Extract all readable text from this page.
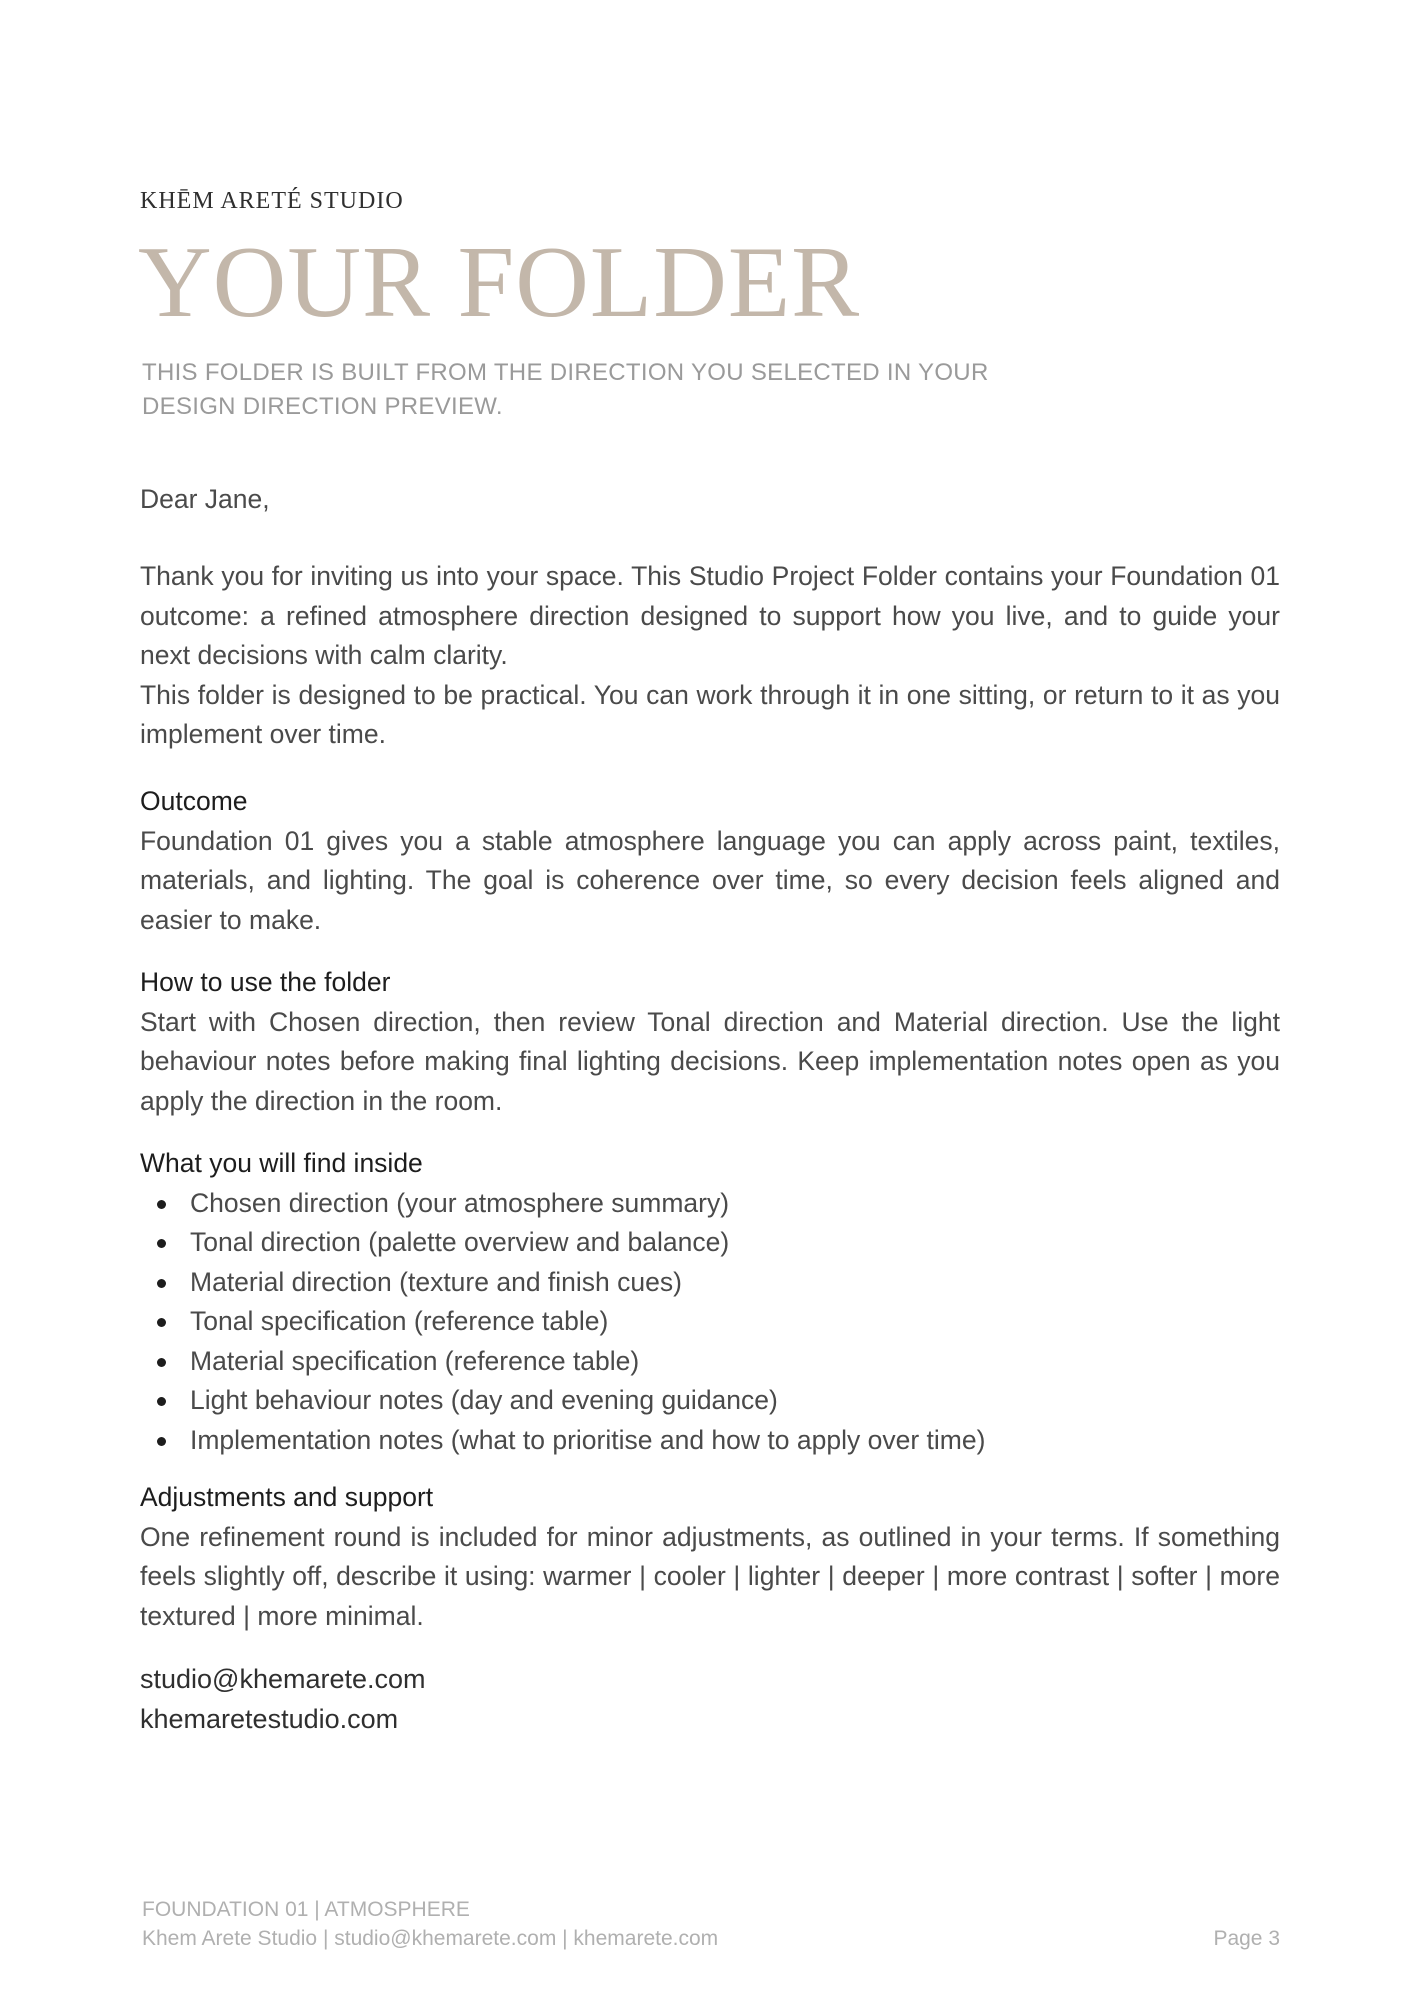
KHĒM ARETÉ STUDIO
YOUR FOLDER
THIS FOLDER IS BUILT FROM THE DIRECTION YOU SELECTED IN YOUR
DESIGN DIRECTION PREVIEW.
Dear Jane,

Thank you for inviting us into your space. This Studio Project Folder contains your Foundation 01 outcome: a refined atmosphere direction designed to support how you live, and to guide your next decisions with calm clarity.

This folder is designed to be practical. You can work through it in one sitting, or return to it as you implement over time.

Outcome

Foundation 01 gives you a stable atmosphere language you can apply across paint, textiles, materials, and lighting. The goal is coherence over time, so every decision feels aligned and easier to make.

How to use the folder

Start with Chosen direction, then review Tonal direction and Material direction. Use the light behaviour notes before making final lighting decisions. Keep implementation notes open as you apply the direction in the room.

What you will find inside
Chosen direction (your atmosphere summary)
Tonal direction (palette overview and balance)
Material direction (texture and finish cues)
Tonal specification (reference table)
Material specification (reference table)
Light behaviour notes (day and evening guidance)
Implementation notes (what to prioritise and how to apply over time)
Adjustments and support

One refinement round is included for minor adjustments, as outlined in your terms. If something feels slightly off, describe it using: warmer | cooler | lighter | deeper | more contrast | softer | more textured | more minimal.

studio@khemarete.com
khemaretestudio.com
FOUNDATION 01 | ATMOSPHERE
Khem Arete Studio | studio@khemarete.com | khemarete.com	Page 3
